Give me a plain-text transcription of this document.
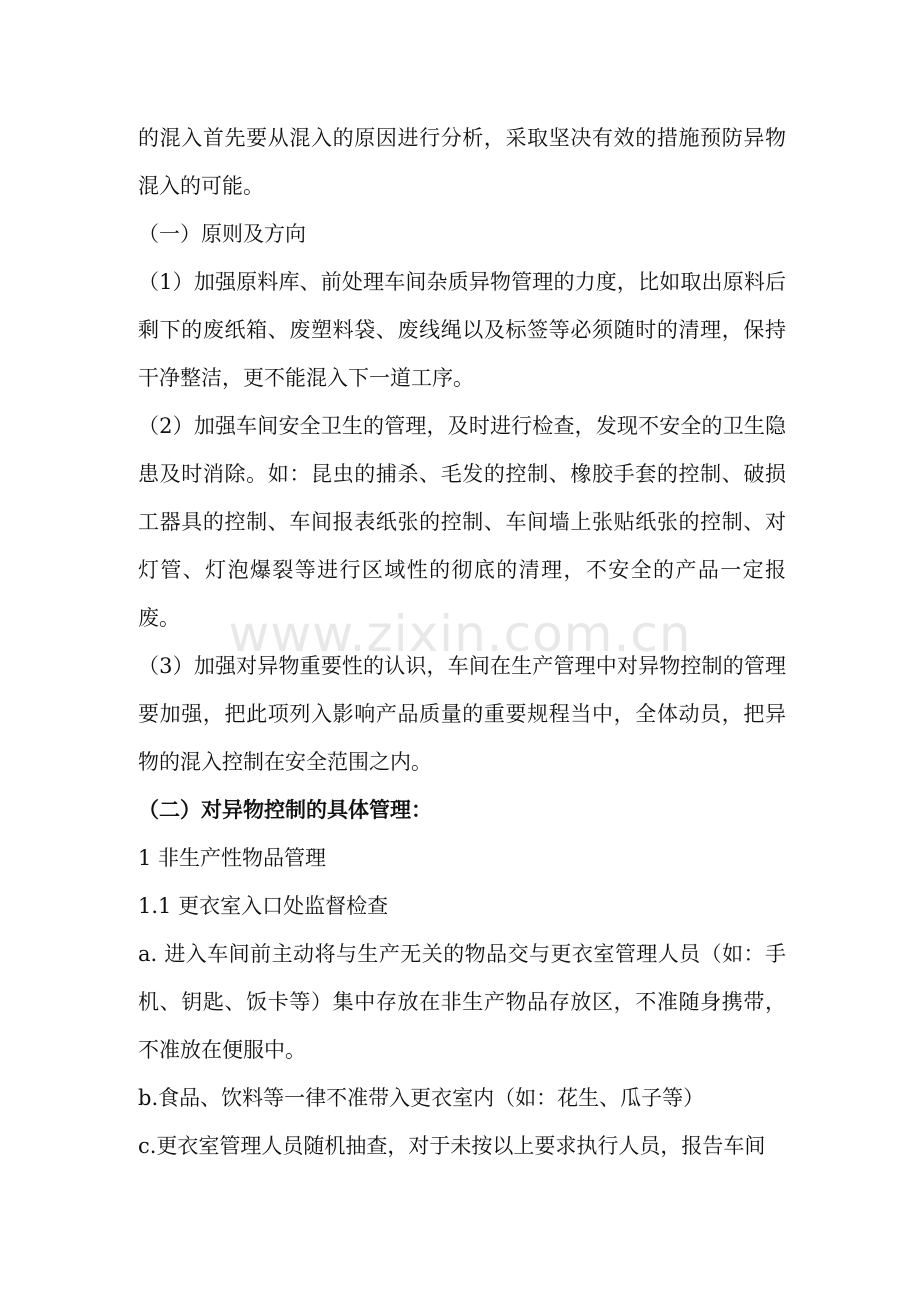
的混入首先要从混入的原因进行分析，采取坚决有效的措施预防异物混入的可能。

（一）原则及方向

（1）加强原料库、前处理车间杂质异物管理的力度，比如取出原料后剩下的废纸箱、废塑料袋、废线绳以及标签等必须随时的清理，保持干净整洁，更不能混入下一道工序。

（2）加强车间安全卫生的管理，及时进行检查，发现不安全的卫生隐患及时消除。如：昆虫的捕杀、毛发的控制、橡胶手套的控制、破损工器具的控制、车间报表纸张的控制、车间墙上张贴纸张的控制、对灯管、灯泡爆裂等进行区域性的彻底的清理，不安全的产品一定报废。

（3）加强对异物重要性的认识，车间在生产管理中对异物控制的管理要加强，把此项列入影响产品质量的重要规程当中，全体动员，把异物的混入控制在安全范围之内。

（二）对异物控制的具体管理：

1 非生产性物品管理

1.1 更衣室入口处监督检查

a. 进入车间前主动将与生产无关的物品交与更衣室管理人员（如：手机、钥匙、饭卡等）集中存放在非生产物品存放区，不准随身携带，不准放在便服中。

b.食品、饮料等一律不准带入更衣室内（如：花生、瓜子等）

c.更衣室管理人员随机抽查，对于未按以上要求执行人员，报告车间

www.zixin.com.cn
